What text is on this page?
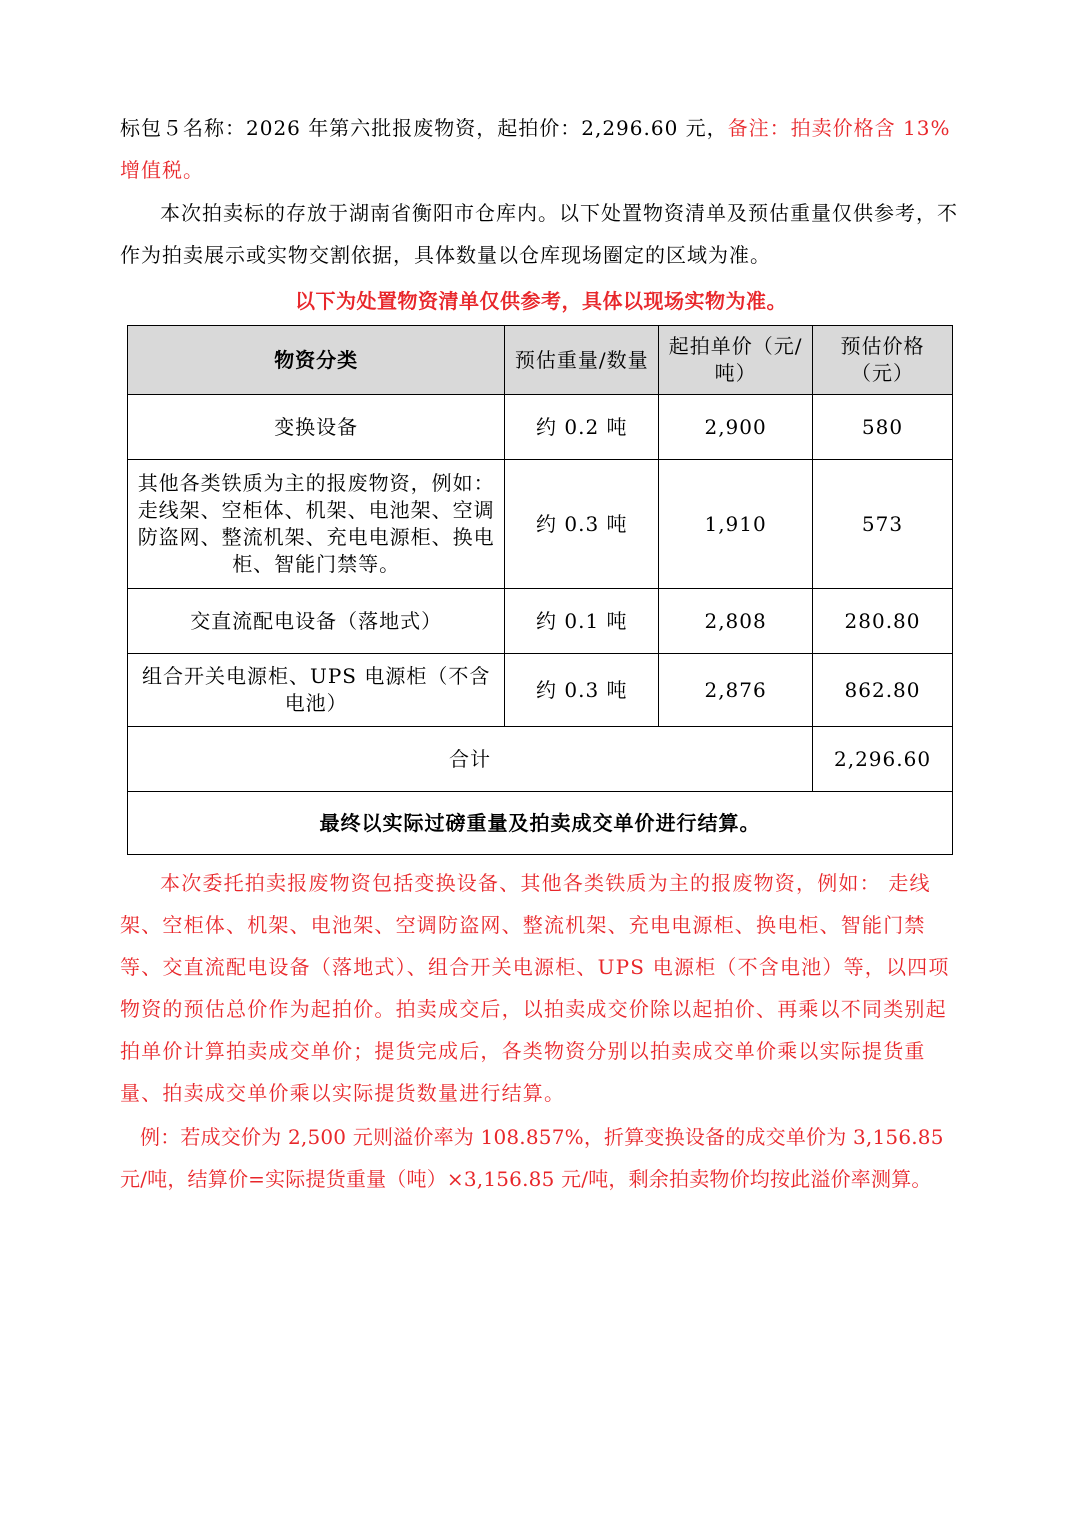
标包５名称：2026 年第六批报废物资，起拍价：2,296.60 元，备注：拍卖价格含 13%增值税。

本次拍卖标的存放于湖南省衡阳市仓库内。以下处置物资清单及预估重量仅供参考，不作为拍卖展示或实物交割依据，具体数量以仓库现场圈定的区域为准。

以下为处置物资清单仅供参考，具体以现场实物为准。

物资分类	预估重量/数量	起拍单价（元/吨）	预估价格（元）
变换设备	约 0.2 吨	2,900	580
其他各类铁质为主的报废物资，例如：走线架、空柜体、机架、电池架、空调防盗网、整流机架、充电电源柜、换电柜、智能门禁等。	约 0.3 吨	1,910	573
交直流配电设备（落地式）	约 0.1 吨	2,808	280.80
组合开关电源柜、UPS 电源柜（不含电池）	约 0.3 吨	2,876	862.80
合计			2,296.60
最终以实际过磅重量及拍卖成交单价进行结算。			

本次委托拍卖报废物资包括变换设备、其他各类铁质为主的报废物资，例如： 走线架、空柜体、机架、电池架、空调防盗网、整流机架、充电电源柜、换电柜、智能门禁等、交直流配电设备（落地式）、组合开关电源柜、UPS 电源柜（不含电池）等，以四项物资的预估总价作为起拍价。拍卖成交后，以拍卖成交价除以起拍价、再乘以不同类别起拍单价计算拍卖成交单价；提货完成后，各类物资分别以拍卖成交单价乘以实际提货重量、拍卖成交单价乘以实际提货数量进行结算。

例：若成交价为 2,500 元则溢价率为 108.857%，折算变换设备的成交单价为 3,156.85 元/吨，结算价=实际提货重量（吨）×3,156.85 元/吨，剩余拍卖物价均按此溢价率测算。
